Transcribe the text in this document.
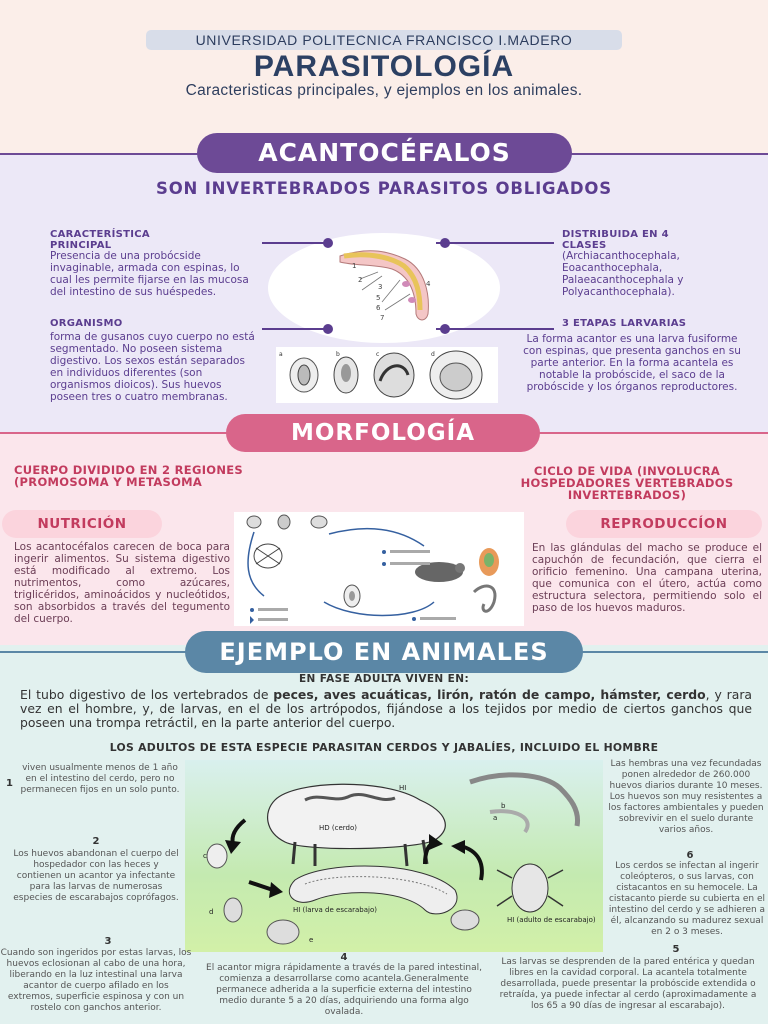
UNIVERSIDAD POLITECNICA FRANCISCO I.MADERO
PARASITOLOGÍA
Caracteristicas principales, y ejemplos en los animales.
ACANTOCÉFALOS
SON INVERTEBRADOS PARASITOS OBLIGADOS
1
2
3	4
5
6
7
CARACTERÍSTICA PRINCIPAL
Presencia de una probócside invaginable, armada con espinas, lo cual les permite fijarse en las mucosa del intestino de sus huéspedes.
ORGANISMO
forma de gusanos cuyo cuerpo no está segmentado. No poseen sistema digestivo. Los sexos están separados en individuos diferentes (son organismos dioicos). Sus huevos poseen tres o cuatro membranas.
DISTRIBUIDA EN 4 CLASES
(Archiacanthocephala, Eoacanthocephala, Palaeacanthocephala y Polyacanthocephala).
3 ETAPAS LARVARIAS
La forma acantor es una larva fusiforme con espinas, que presenta ganchos en su parte anterior. En la forma acantela es notable la probóscide, el saco de la probóscide y los órganos reproductores.
a	b	c	d
MORFOLOGÍA
CUERPO DIVIDIDO EN 2 REGIONES (PROMOSOMA Y METASOMA
CICLO DE VIDA (INVOLUCRA HOSPEDADORES VERTEBRADOS INVERTEBRADOS)
NUTRICIÓN	REPRODUCCÍON
Los acantocéfalos carecen de boca para ingerir alimentos. Su sistema digestivo está modificado al extremo. Los nutrimentos, como azúcares, triglicéridos, aminoácidos y nucleótidos, son absorbidos a través del tegumento del cuerpo.
En las glándulas del macho se produce el capuchón de fecundación, que cierra el orificio femenino. Una campana uterina, que comunica con el útero, actúa como estructura selectora, permitiendo solo el paso de los huevos maduros.
EJEMPLO EN ANIMALES
EN FASE ADULTA VIVEN EN:
El tubo digestivo de los vertebrados de peces, aves acuáticas, lirón, ratón de campo, hámster, cerdo, y rara vez en el hombre, y, de larvas, en el de los artrópodos, fijándose a los tejidos por medio de ciertos ganchos que poseen una trompa retráctil, en la parte anterior del cuerpo.
LOS ADULTOS DE ESTA ESPECIE PARASITAN CERDOS Y JABALÍES, INCLUIDO EL HOMBRE
HD (cerdo)
HI
b
a
HI (larva de escarabajo)
HI (adulto de escarabajo)
c
d
e
1
viven usualmente menos de 1 año en el intestino del cerdo, pero no permanecen fijos en un solo punto.
2
Los huevos abandonan el cuerpo del hospedador con las heces y contienen un acantor ya infectante para las larvas de numerosas especies de escarabajos coprófagos.
3
Cuando son ingeridos por estas larvas, los huevos eclosionan al cabo de una hora, liberando en la luz intestinal una larva acantor de cuerpo afilado en los extremos, superficie espinosa y con un rostelo con ganchos anterior.
4
El acantor migra rápidamente a través de la pared intestinal, comienza a desarrollarse como acantela.Generalmente permanece adherida a la superficie externa del intestino medio durante 5 a 20 días, adquiriendo una forma algo ovalada.
5
Las larvas se desprenden de la pared entérica y quedan libres en la cavidad corporal. La acantela totalmente desarrollada, puede presentar la probóscide extendida o retraída, ya puede infectar al cerdo (aproximadamente a los 65 a 90 días de ingresar al escarabajo).
6
Los cerdos se infectan al ingerir coleópteros, o sus larvas, con cistacantos en su hemocele. La cistacanto pierde su cubierta en el intestino del cerdo y se adhieren a él, alcanzando su madurez sexual en 2 o 3 meses.
Las hembras una vez fecundadas ponen alrededor de 260.000 huevos diarios durante 10 meses. Los huevos son muy resistentes a los factores ambientales y pueden sobrevivir en el suelo durante varios años.
